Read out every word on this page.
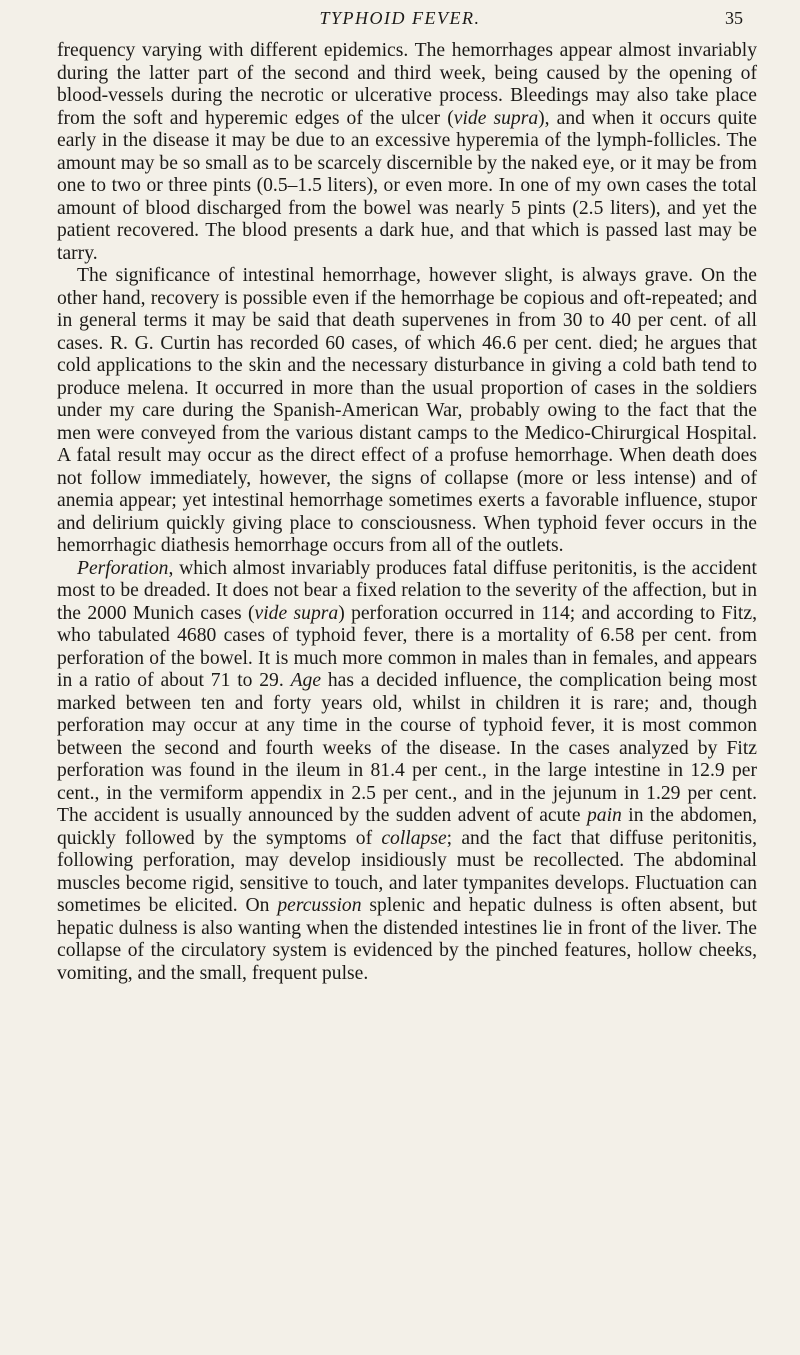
TYPHOID FEVER.	35

frequency varying with different epidemics. The hemorrhages appear almost invariably during the latter part of the second and third week, being caused by the opening of blood-vessels during the necrotic or ulcerative process. Bleedings may also take place from the soft and hyperemic edges of the ulcer (vide supra), and when it occurs quite early in the disease it may be due to an excessive hyperemia of the lymph-follicles. The amount may be so small as to be scarcely discernible by the naked eye, or it may be from one to two or three pints (0.5–1.5 liters), or even more. In one of my own cases the total amount of blood discharged from the bowel was nearly 5 pints (2.5 liters), and yet the patient recovered. The blood presents a dark hue, and that which is passed last may be tarry.

The significance of intestinal hemorrhage, however slight, is always grave. On the other hand, recovery is possible even if the hemorrhage be copious and oft-repeated; and in general terms it may be said that death supervenes in from 30 to 40 per cent. of all cases. R. G. Curtin has recorded 60 cases, of which 46.6 per cent. died; he argues that cold applications to the skin and the necessary disturbance in giving a cold bath tend to produce melena. It occurred in more than the usual proportion of cases in the soldiers under my care during the Spanish-American War, probably owing to the fact that the men were conveyed from the various distant camps to the Medico-Chirurgical Hospital. A fatal result may occur as the direct effect of a profuse hemorrhage. When death does not follow immediately, however, the signs of collapse (more or less intense) and of anemia appear; yet intestinal hemorrhage sometimes exerts a favorable influence, stupor and delirium quickly giving place to consciousness. When typhoid fever occurs in the hemorrhagic diathesis hemorrhage occurs from all of the outlets.

Perforation, which almost invariably produces fatal diffuse peritonitis, is the accident most to be dreaded. It does not bear a fixed relation to the severity of the affection, but in the 2000 Munich cases (vide supra) perforation occurred in 114; and according to Fitz, who tabulated 4680 cases of typhoid fever, there is a mortality of 6.58 per cent. from perforation of the bowel. It is much more common in males than in females, and appears in a ratio of about 71 to 29. Age has a decided influence, the complication being most marked between ten and forty years old, whilst in children it is rare; and, though perforation may occur at any time in the course of typhoid fever, it is most common between the second and fourth weeks of the disease. In the cases analyzed by Fitz perforation was found in the ileum in 81.4 per cent., in the large intestine in 12.9 per cent., in the vermiform appendix in 2.5 per cent., and in the jejunum in 1.29 per cent. The accident is usually announced by the sudden advent of acute pain in the abdomen, quickly followed by the symptoms of collapse; and the fact that diffuse peritonitis, following perforation, may develop insidiously must be recollected. The abdominal muscles become rigid, sensitive to touch, and later tympanites develops. Fluctuation can sometimes be elicited. On percussion splenic and hepatic dulness is often absent, but hepatic dulness is also wanting when the distended intestines lie in front of the liver. The collapse of the circulatory system is evidenced by the pinched features, hollow cheeks, vomiting, and the small, frequent pulse.
